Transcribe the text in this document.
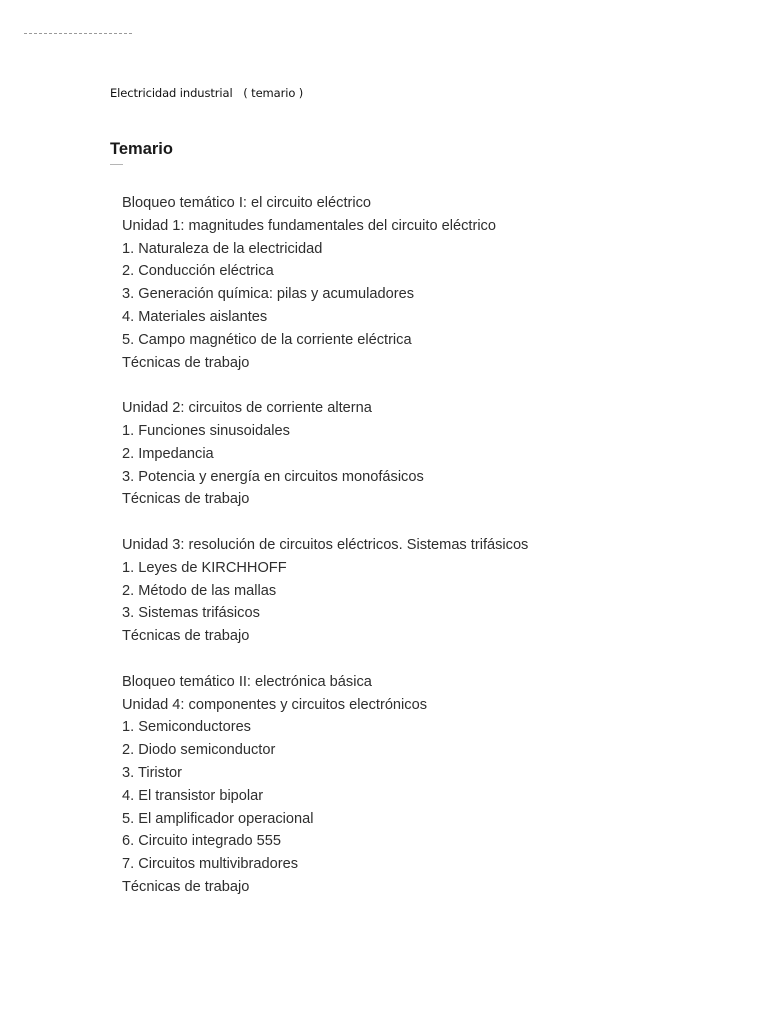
Electricidad industrial   ( temario )
Temario
Bloqueo temático I: el circuito eléctrico
Unidad 1: magnitudes fundamentales del circuito eléctrico
1. Naturaleza de la electricidad
2. Conducción eléctrica
3. Generación química: pilas y acumuladores
4. Materiales aislantes
5. Campo magnético de la corriente eléctrica
Técnicas de trabajo
Unidad 2: circuitos de corriente alterna
1. Funciones sinusoidales
2. Impedancia
3. Potencia y energía en circuitos monofásicos
Técnicas de trabajo
Unidad 3: resolución de circuitos eléctricos. Sistemas trifásicos
1. Leyes de KIRCHHOFF
2. Método de las mallas
3. Sistemas trifásicos
Técnicas de trabajo
Bloqueo temático II: electrónica básica
Unidad 4: componentes y circuitos electrónicos
1. Semiconductores
2. Diodo semiconductor
3. Tiristor
4. El transistor bipolar
5. El amplificador operacional
6. Circuito integrado 555
7. Circuitos multivibradores
Técnicas de trabajo
